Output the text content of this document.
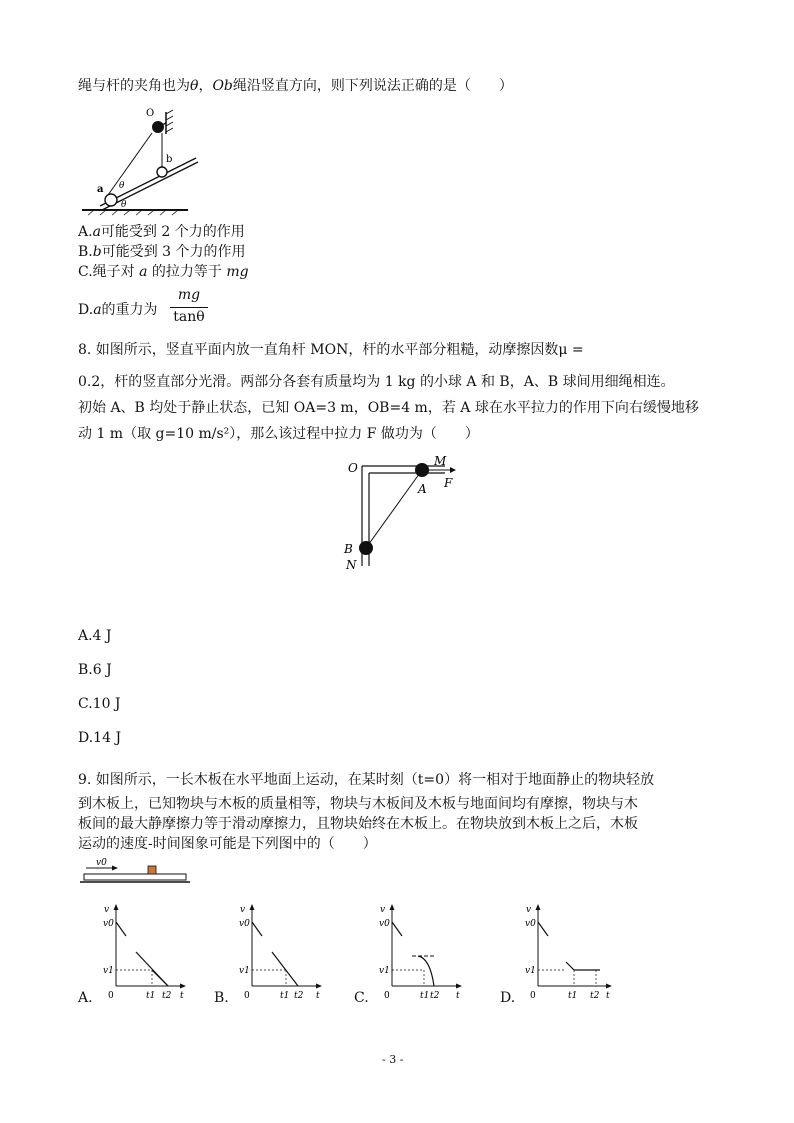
绳与杆的夹角也为θ，Ob绳沿竖直方向，则下列说法正确的是（　　）
O
a
b
θ
θ
A.a可能受到 2 个力的作用
B.b可能受到 3 个力的作用
C.绳子对 a 的拉力等于 mg
D.a的重力为
mg
tanθ
8. 如图所示，竖直平面内放一直角杆 MON，杆的水平部分粗糙，动摩擦因数μ =
0.2，杆的竖直部分光滑。两部分各套有质量均为 1 kg 的小球 A 和 B，A、B 球间用细绳相连。
初始 A、B 均处于静止状态，已知 OA=3 m，OB=4 m，若 A 球在水平拉力的作用下向右缓慢地移
动 1 m（取 g=10 m/s²），那么该过程中拉力 F 做功为（　　）
O	M
A F
B
N
A.4 J
B.6 J
C.10 J
D.14 J
9. 如图所示，一长木板在水平地面上运动，在某时刻（t=0）将一相对于地面静止的物块轻放
到木板上，已知物块与木板的质量相等，物块与木板间及木板与地面间均有摩擦，物块与木
板间的最大静摩擦力等于滑动摩擦力，且物块始终在木板上。在物块放到木板上之后，木板
运动的速度-时间图象可能是下列图中的（　　）
v0
A.
v
v0
v1
0	t1 t2 t B.
v
v0
v1
0	t1 t2 t C.
v
v0
v1
0	t1 t2 t	D.
v
v0
v1
0	t1 t2 t
- 3 -
